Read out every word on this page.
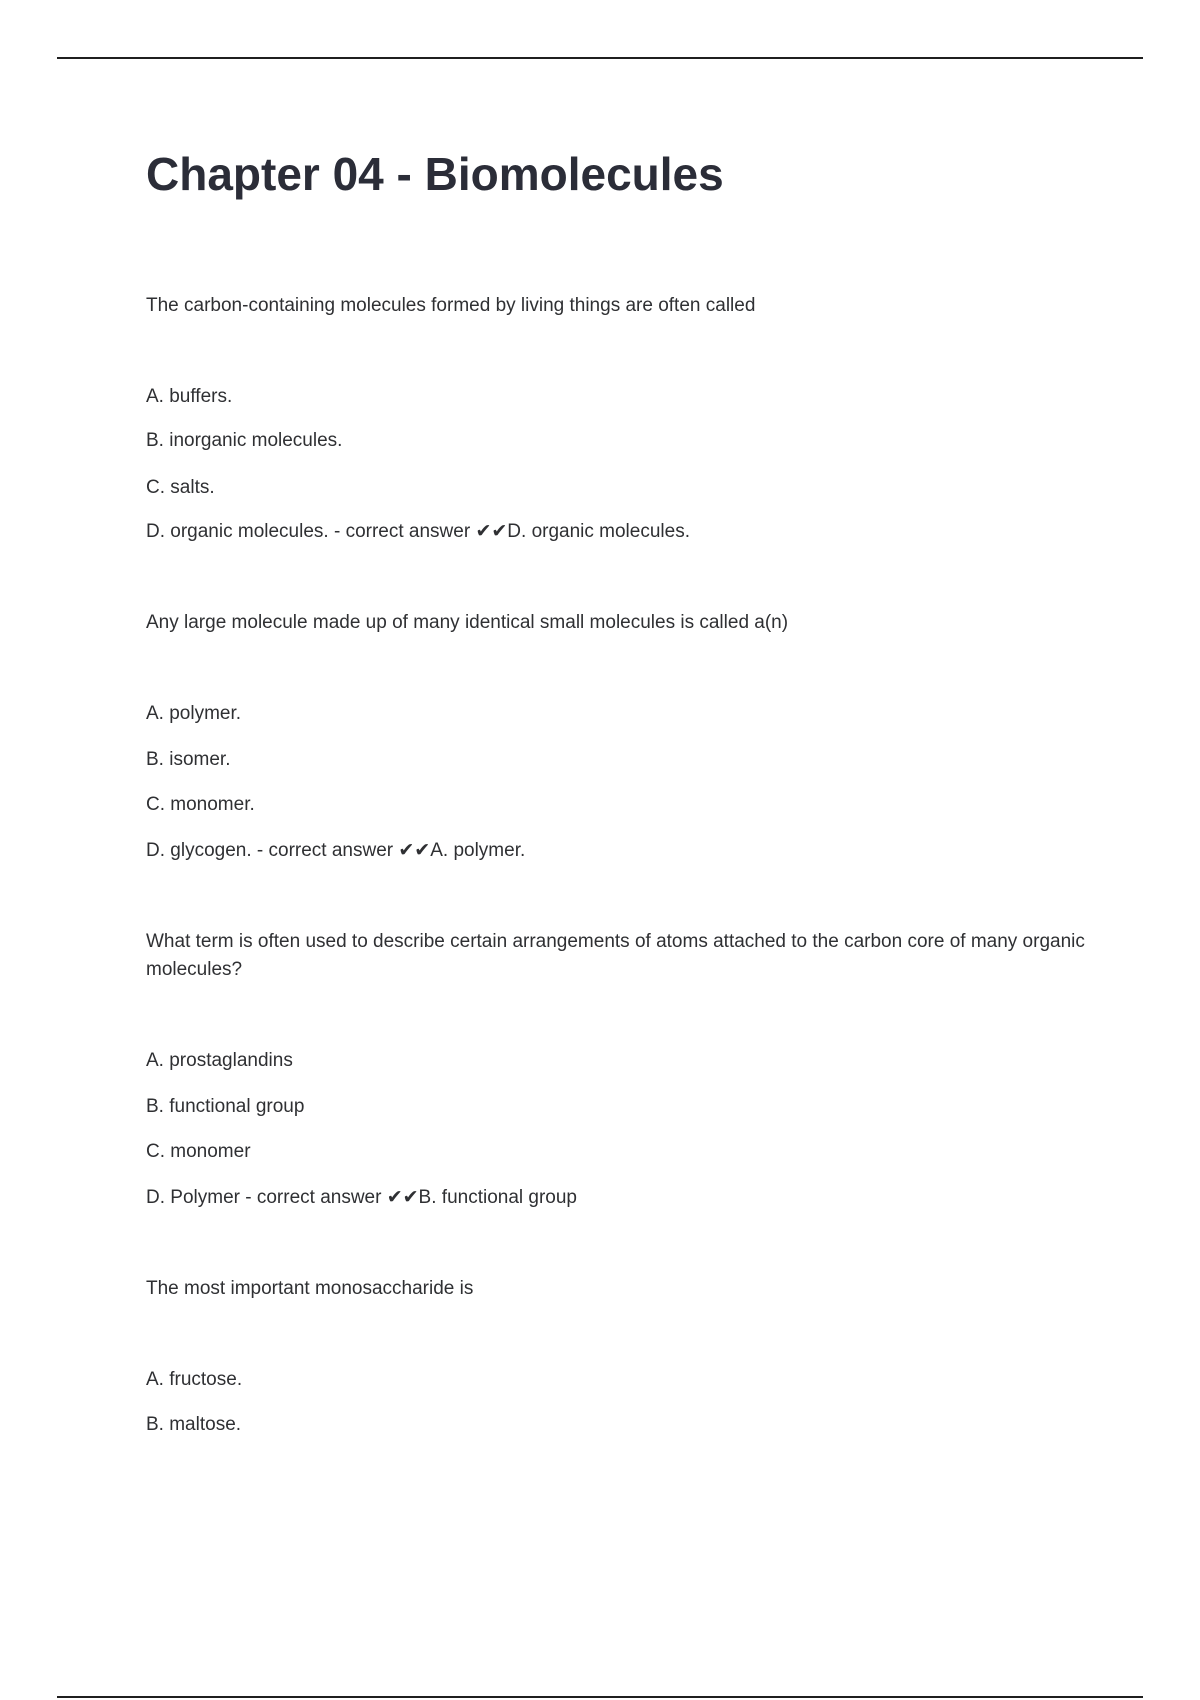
Chapter 04 - Biomolecules

The carbon-containing molecules formed by living things are often called

A. buffers.

B. inorganic molecules.

C. salts.

D. organic molecules. - correct answer ✔✔D. organic molecules.

Any large molecule made up of many identical small molecules is called a(n)

A. polymer.

B. isomer.

C. monomer.

D. glycogen. - correct answer ✔✔A. polymer.

What term is often used to describe certain arrangements of atoms attached to the carbon core of many organic molecules?

A. prostaglandins

B. functional group

C. monomer

D. Polymer - correct answer ✔✔B. functional group

The most important monosaccharide is

A. fructose.

B. maltose.
